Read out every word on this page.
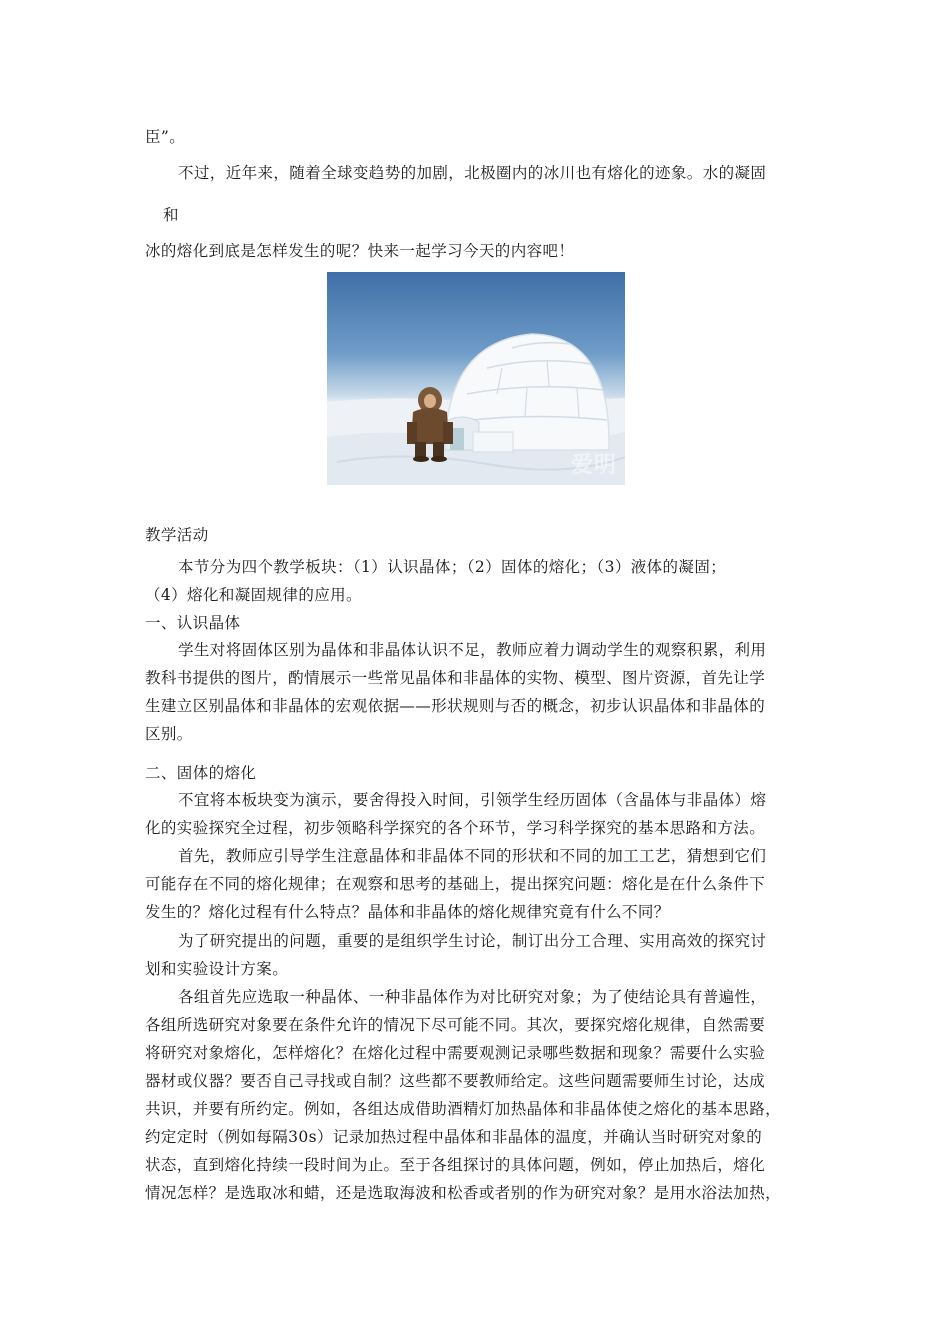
臣”。
不过，近年来，随着全球变趋势的加剧，北极圈内的冰川也有熔化的迹象。水的凝固
和
冰的熔化到底是怎样发生的呢？快来一起学习今天的内容吧！
爱明
教学活动
本节分为四个教学板块：（1）认识晶体；（2）固体的熔化；（3）液体的凝固；
（4）熔化和凝固规律的应用。
一、认识晶体
学生对将固体区别为晶体和非晶体认识不足，教师应着力调动学生的观察积累，利用
教科书提供的图片，酌情展示一些常见晶体和非晶体的实物、模型、图片资源，首先让学
生建立区别晶体和非晶体的宏观依据——形状规则与否的概念，初步认识晶体和非晶体的
区别。
二、固体的熔化
不宜将本板块变为演示，要舍得投入时间，引领学生经历固体（含晶体与非晶体）熔
化的实验探究全过程，初步领略科学探究的各个环节，学习科学探究的基本思路和方法。
首先，教师应引导学生注意晶体和非晶体不同的形状和不同的加工工艺，猜想到它们
可能存在不同的熔化规律；在观察和思考的基础上，提出探究问题：熔化是在什么条件下
发生的？熔化过程有什么特点？晶体和非晶体的熔化规律究竟有什么不同？
为了研究提出的问题，重要的是组织学生讨论，制订出分工合理、实用高效的探究讨
划和实验设计方案。
各组首先应选取一种晶体、一种非晶体作为对比研究对象；为了使结论具有普遍性，
各组所选研究对象要在条件允许的情况下尽可能不同。其次，要探究熔化规律，自然需要
将研究对象熔化，怎样熔化？在熔化过程中需要观测记录哪些数据和现象？需要什么实验
器材或仪器？要否自己寻找或自制？这些都不要教师给定。这些问题需要师生讨论，达成
共识，并要有所约定。例如，各组达成借助酒精灯加热晶体和非晶体使之熔化的基本思路，
约定定时（例如每隔30s）记录加热过程中晶体和非晶体的温度，并确认当时研究对象的
状态，直到熔化持续一段时间为止。至于各组探讨的具体问题，例如，停止加热后，熔化
情况怎样？是选取冰和蜡，还是选取海波和松香或者别的作为研究对象？是用水浴法加热，
